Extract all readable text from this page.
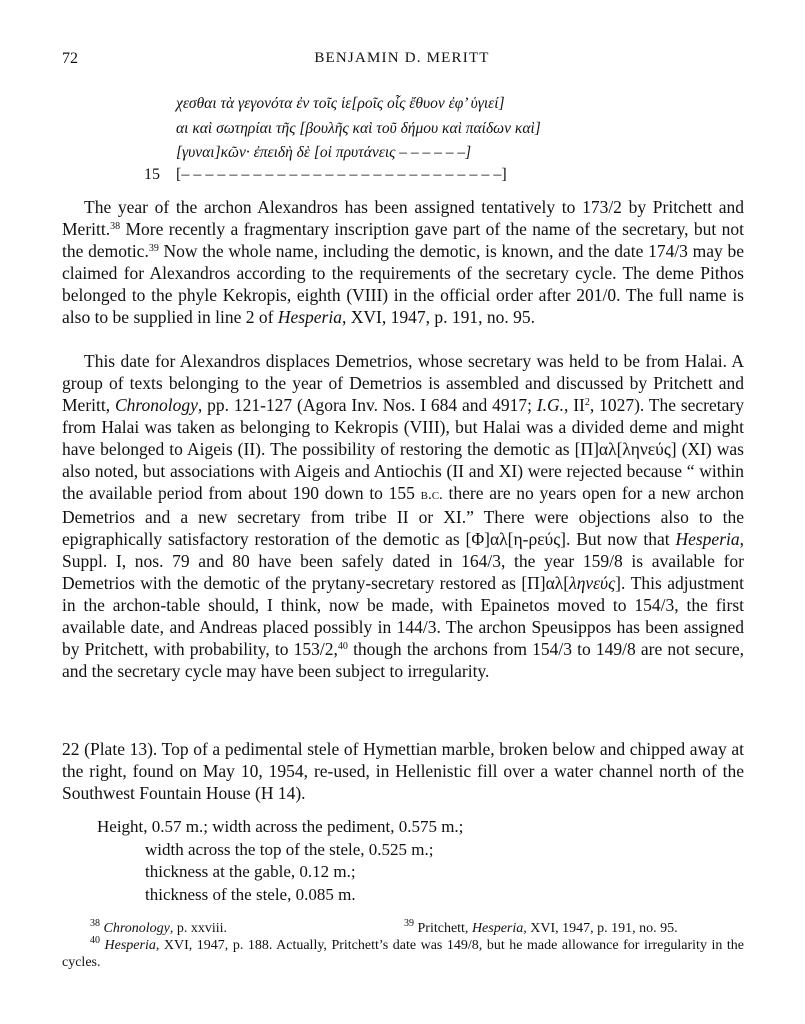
72	BENJAMIN D. MERITT
χεσθαι τὰ γεγονότα ἐν τοῖς ἱε[ροῖς οἷς ἔθυον ἐφ’ ὑγιεί]
αι καὶ σωτηρίαι τῆς [βουλῆς καὶ τοῦ δήμου καὶ παίδων καὶ]
[γυναι]κῶν· ἐπειδὴ δὲ [οἱ πρυτάνεις – – – – – –]
15 [– – – – – – – – – – – – – – – – – – – – – – – – – – –]

The year of the archon Alexandros has been assigned tentatively to 173/2 by Pritchett and Meritt.$^{38}$ More recently a fragmentary inscription gave part of the name of the secretary, but not the demotic.$^{39}$ Now the whole name, including the demotic, is known, and the date 174/3 may be claimed for Alexandros according to the requirements of the secretary cycle. The deme Pithos belonged to the phyle Kekropis, eighth (VIII) in the official order after 201/0. The full name is also to be supplied in line 2 of Hesperia, XVI, 1947, p. 191, no. 95.

This date for Alexandros displaces Demetrios, whose secretary was held to be from Halai. A group of texts belonging to the year of Demetrios is assembled and discussed by Pritchett and Meritt, Chronology, pp. 121-127 (Agora Inv. Nos. I 684 and 4917; I.G., $II^2$, 1027). The secretary from Halai was taken as belonging to Kekropis (VIII), but Halai was a divided deme and might have belonged to Aigeis (II). The possibility of restoring the demotic as [Π]αλ[ληνεύς] (XI) was also noted, but associations with Aigeis and Antiochis (II and XI) were rejected because “ within the available period from about 190 down to 155 b.c. there are no years open for a new archon Demetrios and a new secretary from tribe II or XI.” There were objections also to the epigraphically satisfactory restoration of the demotic as [Φ]αλ[η-ρεύς]. But now that Hesperia, Suppl. I, nos. 79 and 80 have been safely dated in 164/3, the year 159/8 is available for Demetrios with the demotic of the prytany-secretary restored as [Π]αλ[ληνεύς]. This adjustment in the archon-table should, I think, now be made, with Epainetos moved to 154/3, the first available date, and Andreas placed possibly in 144/3. The archon Speusippos has been assigned by Pritchett, with probability, to 153/2,40 though the archons from 154/3 to 149/8 are not secure, and the secretary cycle may have been subject to irregularity.

22 (Plate 13). Top of a pedimental stele of Hymettian marble, broken below and chipped away at the right, found on May 10, 1954, re-used, in Hellenistic fill over a water channel north of the Southwest Fountain House (H 14).

Height, 0.57 m.; width across the pediment, 0.575 m.;
width across the top of the stele, 0.525 m.;
thickness at the gable, 0.12 m.;
thickness of the stele, 0.085 m.
$^{38}$ Chronology, p. xxviii.	$^{39}$ Pritchett, Hesperia, XVI, 1947, p. 191, no. 95.

$^{40}$ Hesperia, XVI, 1947, p. 188. Actually, Pritchett’s date was 149/8, but he made allowance for irregularity in the cycles.
